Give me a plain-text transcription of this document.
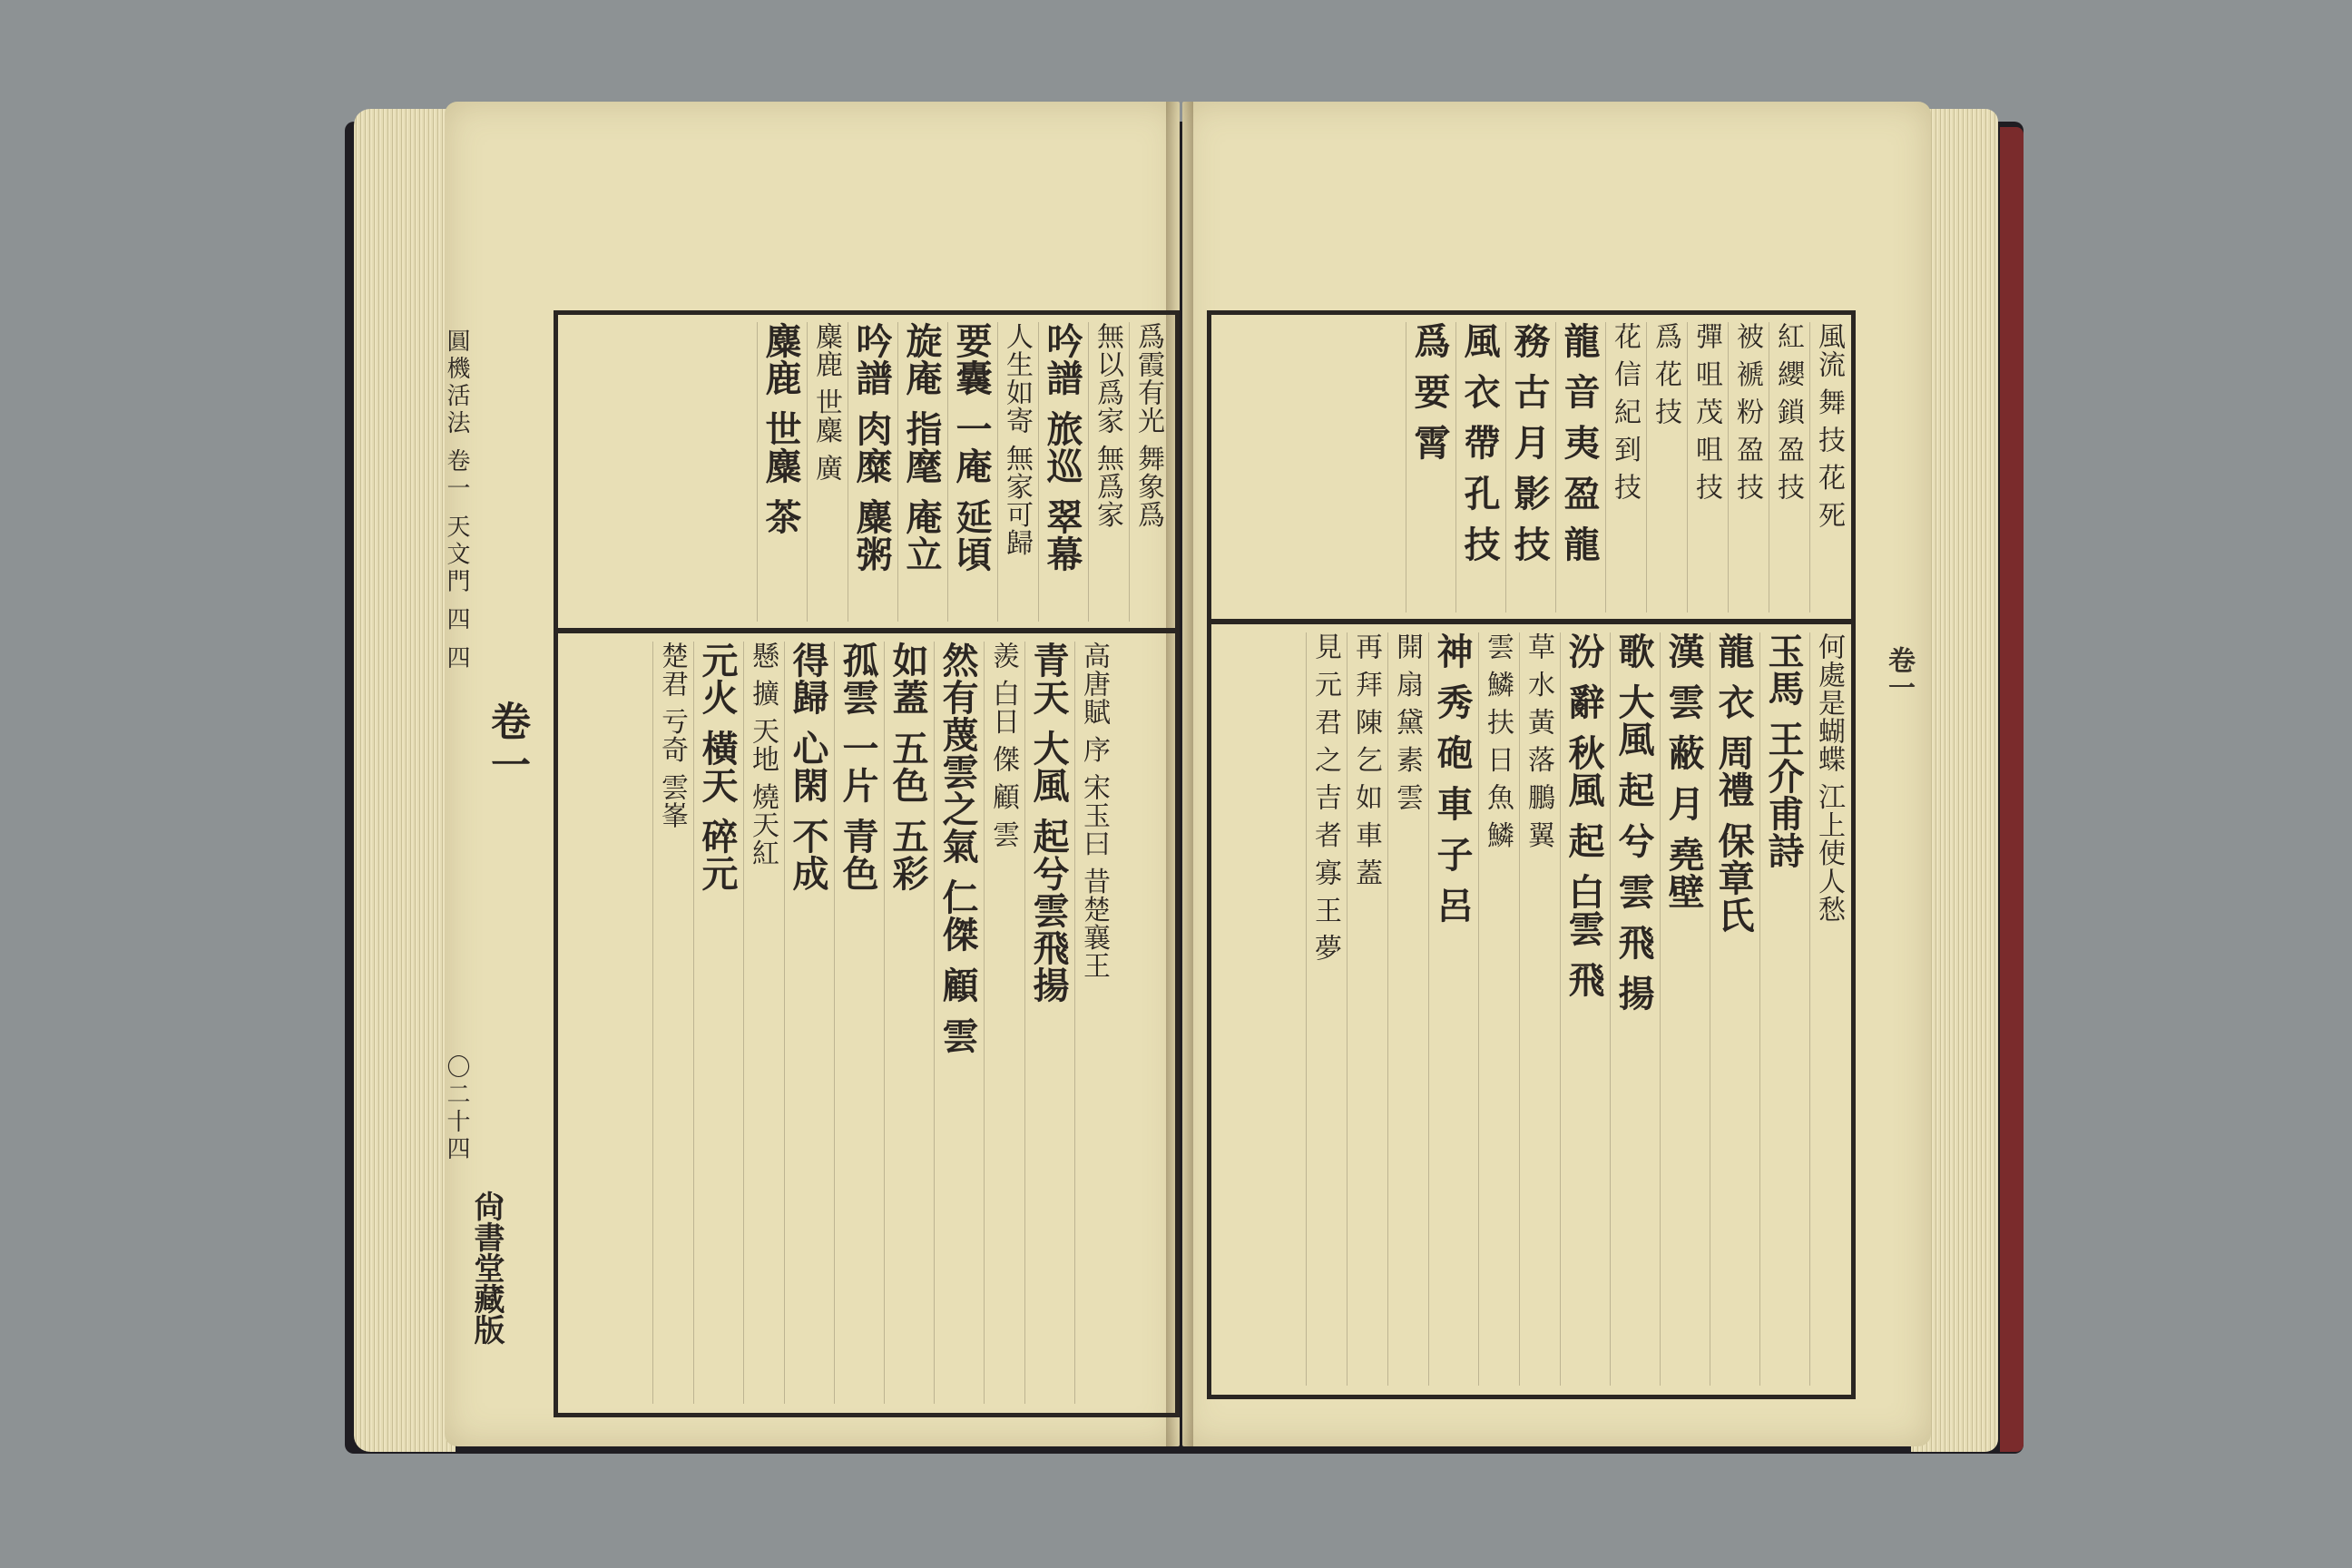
爲霞有光 舞象爲
無以爲家 無爲家
吟譜 旅巡 翠幕
人生如寄 無家可歸
要囊 一庵 延頃
旋庵 指麾 庵立
吟譜 肉糜 麋粥
麋鹿 世麋 廣
麋鹿 世麋 茶
高唐賦 序 宋玉曰 昔楚襄王
青天 大風 起兮雲飛揚
羨 白日 傑 顧 雲
然有蔑雲之氣 仁傑 顧 雲
如蓋 五色 五彩
孤雲 一片 青色
得歸 心閑 不成
懸 擴 天地 燒天紅
元火 橫天 碎元
楚君 亏奇 雲峯
圓機活法 卷一 天文門 四 四
卷一
〇二十四
尙書堂藏版
風流 舞 技 花 死
紅 纓 鎖 盈 技
被 褫 粉 盈 技
彈 咀 茂 咀 技
爲 花 技
花 信 紀 到 技
龍 音 夷 盈 龍
務 古 月 影 技
風 衣 帶 孔 技
爲 要 霄
何處是蝴蝶 江上使人愁
玉馬 王介甫詩
龍 衣 周禮 保章氏
漢 雲 蔽 月 堯壁
歌 大風 起 兮 雲 飛 揚
汾 辭 秋風 起 白雲 飛
草 水 黃 落 鵬 翼
雲 鱗 扶 日 魚 鱗
神 秀 砲 車 子 呂
開 扇 黛 素 雲
再 拜 陳 乞 如 車 蓋
見 元 君 之 吉 者 寡 王 夢	卷一
